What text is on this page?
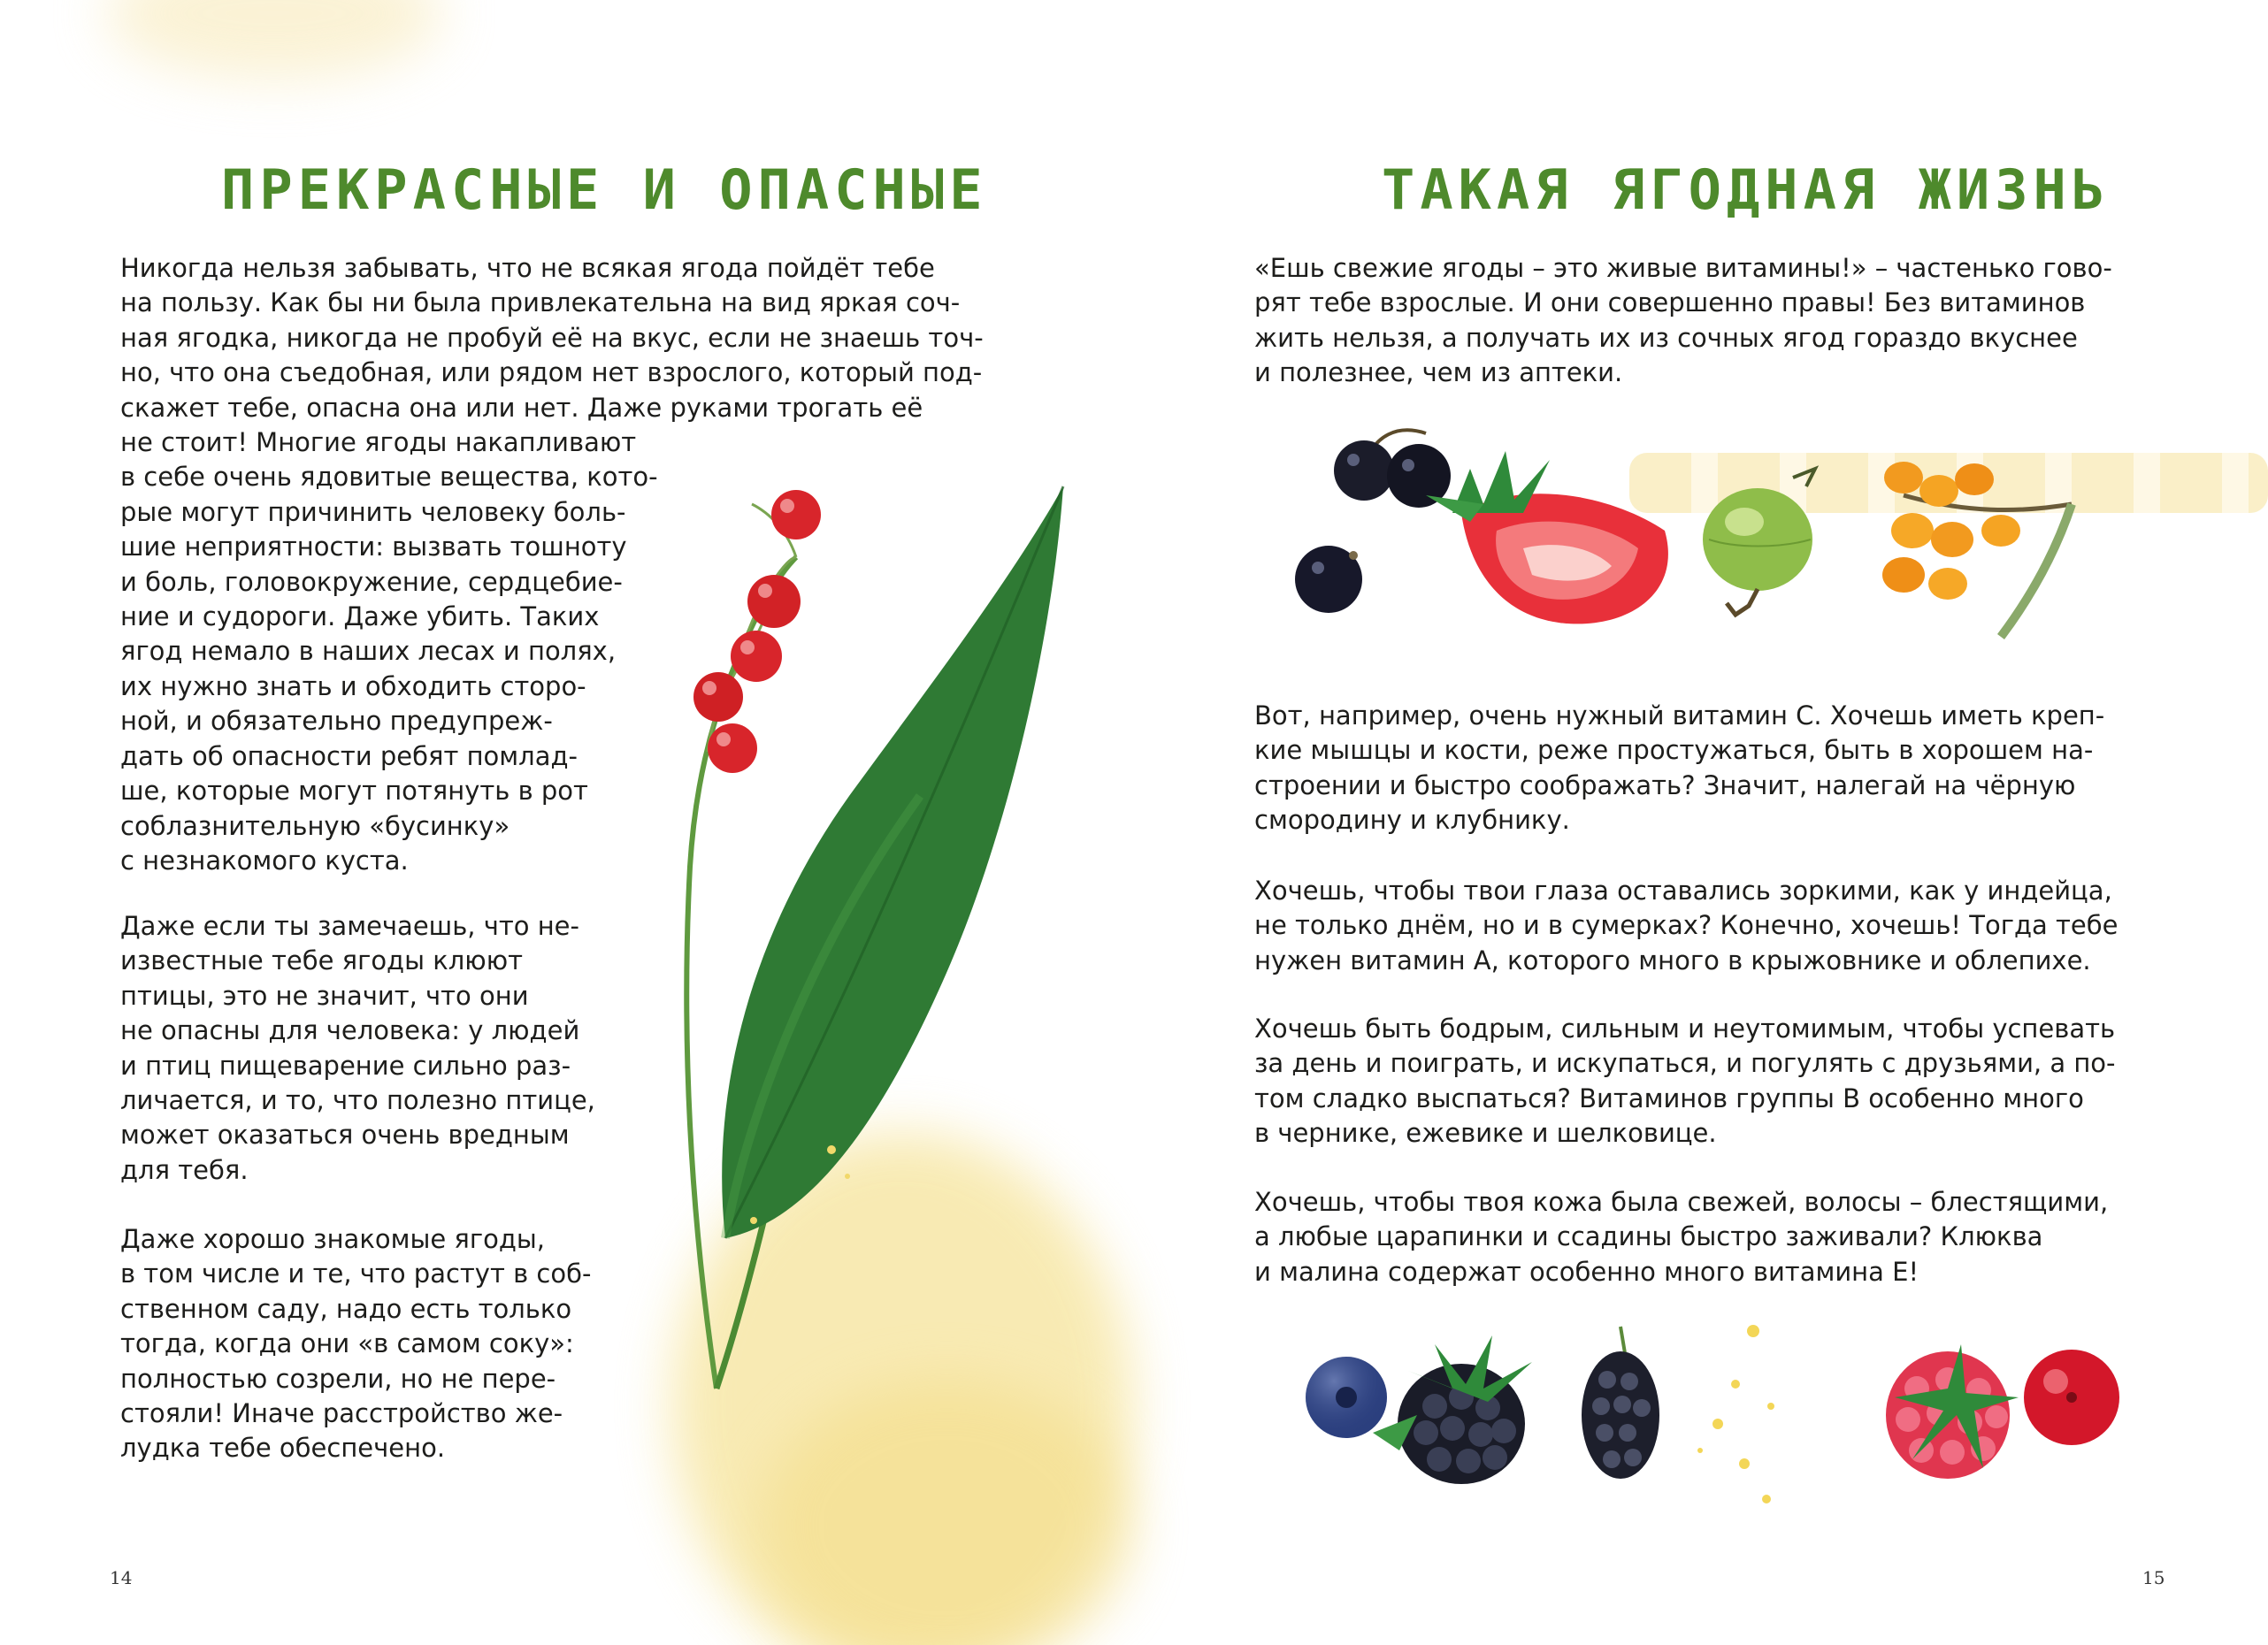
ПРЕКРАСНЫЕ И ОПАСНЫЕ
Никогда нельзя забывать, что не всякая ягода пойдёт тебе
на пользу. Как бы ни была привлекательна на вид яркая соч-
ная ягодка, никогда не пробуй её на вкус, если не знаешь точ-
но, что она съедобная, или рядом нет взрослого, который под-
скажет тебе, опасна она или нет. Даже руками трогать её
не стоит! Многие ягоды накапливают
в себе очень ядовитые вещества, кото-
рые могут причинить человеку боль-
шие неприятности: вызвать тошноту
и боль, головокружение, сердцебие-
ние и судороги. Даже убить. Таких
ягод немало в наших лесах и полях,
их нужно знать и обходить сторо-
ной, и обязательно предупреж-
дать об опасности ребят помлад-
ше, которые могут потянуть в рот
соблазнительную «бусинку»
с незнакомого куста.
Даже если ты замечаешь, что не-
известные тебе ягоды клюют
птицы, это не значит, что они
не опасны для человека: у людей
и птиц пищеварение сильно раз-
личается, и то, что полезно птице,
может оказаться очень вредным
для тебя.
Даже хорошо знакомые ягоды,
в том числе и те, что растут в соб-
ственном саду, надо есть только
тогда, когда они «в самом соку»:
полностью созрели, но не пере-
стояли! Иначе расстройство же-
лудка тебе обеспечено.
14
ТАКАЯ ЯГОДНАЯ ЖИЗНЬ
«Ешь свежие ягоды – это живые витамины!» – частенько гово-
рят тебе взрослые. И они совершенно правы! Без витаминов
жить нельзя, а получать их из сочных ягод гораздо вкуснее
и полезнее, чем из аптеки.
Вот, например, очень нужный витамин С. Хочешь иметь креп-
кие мышцы и кости, реже простужаться, быть в хорошем на-
строении и быстро соображать? Значит, налегай на чёрную
смородину и клубнику.
Хочешь, чтобы твои глаза оставались зоркими, как у индейца,
не только днём, но и в сумерках? Конечно, хочешь! Тогда тебе
нужен витамин А, которого много в крыжовнике и облепихе.
Хочешь быть бодрым, сильным и неутомимым, чтобы успевать
за день и поиграть, и искупаться, и погулять с друзьями, а по-
том сладко выспаться? Витаминов группы В особенно много
в чернике, ежевике и шелковице.
Хочешь, чтобы твоя кожа была свежей, волосы – блестящими,
а любые царапинки и ссадины быстро заживали? Клюква
и малина содержат особенно много витамина Е!
15
